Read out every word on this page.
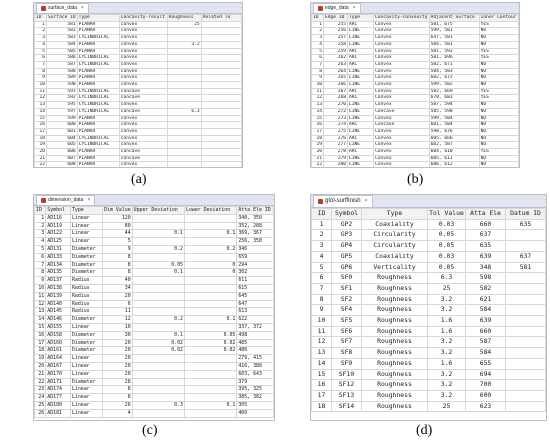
surface_data ×
ID	Surface ID	Type	Concavity-result	Roughness	Related To
1	581	PLANAR	convex	25	
2	582	PLANAR	convex		
3	583	CYLINDRICAL	convex		
4	584	PLANAR	convex	3.2	
5	585	PLANAR	convex		
6	586	CYLINDRICAL	convex		
7	587	CYLINDRICAL	convex		
8	588	PLANAR	convex		
9	589	PLANAR	convex		
10	590	PLANAR	convex		
11	591	CYLINDRICAL	concave		
12	592	CYLINDRICAL	concave		
13	595	CYLINDRICAL	convex		
14	597	CYLINDRICAL	concave	6.3	
15	599	PLANAR	convex		
16	600	PLANAR	convex		
17	601	PLANAR	convex		
18	604	CYLINDRICAL	convex		
19	605	CYLINDRICAL	convex		
20	606	PLANAR	concave		
21	607	PLANAR	concave		
22	608	PLANAR	convex		

(a)
edge_data ×
ID	Edge ID	Type	Concavity-convexity	Adjacent Surface	Inner Contour
1	255	ARC	Convex	581, 675	YES
2	256	LINE	Convex	599, 581	NO
3	257	LINE	Convex	647, 581	NO
4	258	LINE	Convex	584, 581	NO
5	259	ARC	Convex	581, 592	YES
6	262	ARC	Convex	581, 696	YES
7	263	ARC	Convex	582, 671	NO
8	264	LINE	Convex	584, 583	NO
9	265	LINE	Convex	682, 672	NO
10	266	LINE	Convex	599, 582	NO
11	267	ARC	Convex	582, 669	YES
12	268	ARC	Convex	670, 683	YES
13	270	LINE	Convex	587, 594	NO
14	272	LINE	Concave	585, 598	NO
15	273	LINE	Convex	599, 584	NO
16	274	ARC	Concave	601, 584	NO
17	275	LINE	Convex	590, 676	NO
18	276	ARC	Convex	605, 666	NO
19	277	LINE	Convex	602, 587	NO
20	278	ARC	Convex	604, 610	YES
21	279	LINE	Convex	605, 611	NO
22	280	LINE	Convex	606, 612	NO

(b)
dimension_data ×
ID	Symbol	Type	Dim Value	Upper Deviation	Lower Deviation	Atta Ele ID
1	AD116	Linear	120			340, 350
2	AD119	Linear	80			352, 288
3	AD122	Linear	44	0.1	0.1	369, 367
4	AD125	Linear	5			256, 358
5	AD131	Diameter	9	0.2	0.2	346
6	AD133	Diameter	8			659
7	AD134	Diameter	8	0.05	0	294
8	AD135	Diameter	8	0.1	0	302
9	AD137	Radius	40			611
10	AD138	Radius	34			615
11	AD139	Radius	20			645
12	AD140	Radius	6			647
13	AD145	Radius	11			613
14	AD146	Diameter	12	0.2	0.1	622
15	AD155	Linear	10			337, 372
16	AD158	Diameter	30	0.1	0.05	498
17	AD160	Diameter	20	0.02	0.02	485
18	AD161	Diameter	20	0.02	0.02	486
19	AD164	Linear	20			279, 415
20	AD167	Linear	20			416, 388
21	AD170	Linear	20			603, 643
22	AD171	Diameter	28			379
23	AD174	Linear	8			395, 325
24	AD177	Linear	8			385, 382
25	AD180	Linear	26	0.3	0.1	305
26	AD181	Linear	4			460
(c)
gtol-surffinish ×
ID	Symbol	Type	Tol Value	Atta Ele	Datum ID
1	GP2	Coaxiality	0.03	660	635
2	GP3	Circularity	0.05	637	
3	GP4	Circularity	0.05	635	
4	GP5	Coaxiality	0.03	639	637
5	GP6	Verticality	0.05	348	581
6	SF0	Roughness	6.3	598	
7	SF1	Roughness	25	582	
8	SF2	Roughness	3.2	621	
9	SF4	Roughness	3.2	584	
10	SF5	Roughness	1.6	639	
11	SF6	Roughness	1.6	660	
12	SF7	Roughness	3.2	587	
13	SF8	Roughness	3.2	584	
14	SF9	Roughness	1.6	655	
15	SF10	Roughness	3.2	694	
16	SF12	Roughness	3.2	700	
17	SF13	Roughness	3.2	600	
18	SF14	Roughness	25	623	
(d)
